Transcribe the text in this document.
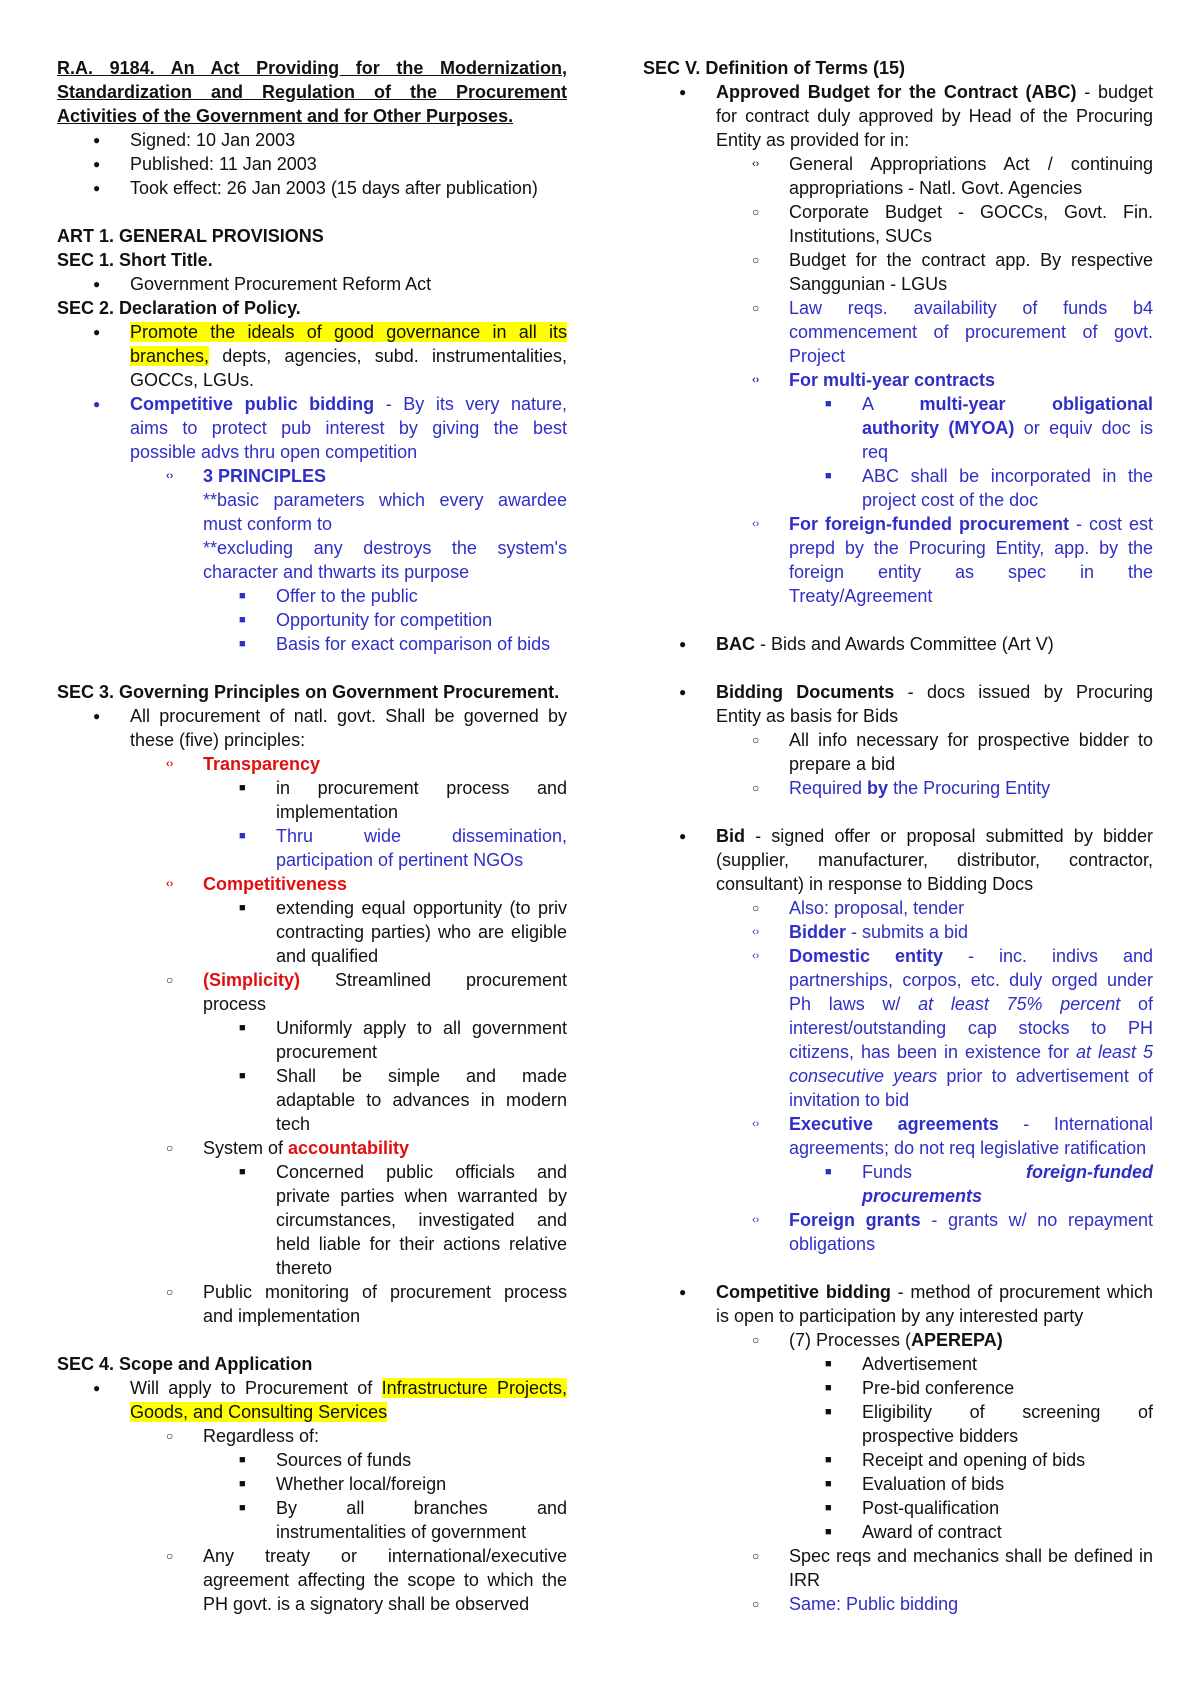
R.A. 9184. An Act Providing for the Modernization,
Standardization and Regulation of the Procurement
Activities of the Government and for Other Purposes.
●	Signed: 10 Jan 2003
●	Published: 11 Jan 2003
●	Took effect: 26 Jan 2003 (15 days after publication)
ART 1. GENERAL PROVISIONS
SEC 1. Short Title.
●	Government Procurement Reform Act
SEC 2. Declaration of Policy.
●	Promote the ideals of good governance in all its
branches, depts, agencies, subd. instrumentalities,
GOCCs, LGUs.
●	Competitive public bidding - By its very nature,
aims to protect pub interest by giving the best
possible advs thru open competition
‹›	3 PRINCIPLES
**basic parameters which every awardee
must conform to
**excluding any destroys the system's
character and thwarts its purpose
■	Offer to the public
■	Opportunity for competition
■	Basis for exact comparison of bids
SEC 3. Governing Principles on Government Procurement.
●	All procurement of natl. govt. Shall be governed by
these (five) principles:
‹›	Transparency
■	in procurement process and
implementation
■	Thru wide dissemination,
participation of pertinent NGOs
‹›	Competitiveness
■	extending equal opportunity (to priv
contracting parties) who are eligible
and qualified
○	(Simplicity) Streamlined procurement
process
■	Uniformly apply to all government
procurement
■	Shall be simple and made
adaptable to advances in modern
tech
○	System of accountability
■	Concerned public officials and
private parties when warranted by
circumstances, investigated and
held liable for their actions relative
thereto
○	Public monitoring of procurement process
and implementation
SEC 4. Scope and Application
●	Will apply to Procurement of Infrastructure Projects,
Goods, and Consulting Services
○	Regardless of:
■	Sources of funds
■	Whether local/foreign
■	By all branches and
instrumentalities of government
○	Any treaty or international/executive
agreement affecting the scope to which the
PH govt. is a signatory shall be observed
SEC V. Definition of Terms (15)
●	Approved Budget for the Contract (ABC) - budget
for contract duly approved by Head of the Procuring
Entity as provided for in:
‹›	General Appropriations Act / continuing
appropriations - Natl. Govt. Agencies
○	Corporate Budget - GOCCs, Govt. Fin.
Institutions, SUCs
○	Budget for the contract app. By respective
Sanggunian - LGUs
○	Law reqs. availability of funds b4
commencement of procurement of govt.
Project
‹›	For multi-year contracts
■	A multi-year obligational
authority (MYOA) or equiv doc is
req
■	ABC shall be incorporated in the
project cost of the doc
‹›	For foreign-funded procurement - cost est
prepd by the Procuring Entity, app. by the
foreign entity as spec in the
Treaty/Agreement
●	BAC - Bids and Awards Committee (Art V)
●	Bidding Documents - docs issued by Procuring
Entity as basis for Bids
○	All info necessary for prospective bidder to
prepare a bid
○	Required by the Procuring Entity
●	Bid - signed offer or proposal submitted by bidder
(supplier, manufacturer, distributor, contractor,
consultant) in response to Bidding Docs
○	Also: proposal, tender
‹›	Bidder - submits a bid
‹›	Domestic entity - inc. indivs and
partnerships, corpos, etc. duly orged under
Ph laws w/ at least 75% percent of
interest/outstanding cap stocks to PH
citizens, has been in existence for at least 5
consecutive years prior to advertisement of
invitation to bid
‹›	Executive agreements - International
agreements; do not req legislative ratification
■	Funds	foreign-funded
procurements
‹›	Foreign grants - grants w/ no repayment
obligations
●	Competitive bidding - method of procurement which
is open to participation by any interested party
○	(7) Processes (APEREPA)
■	Advertisement
■	Pre-bid conference
■	Eligibility of screening of
prospective bidders
■	Receipt and opening of bids
■	Evaluation of bids
■	Post-qualification
■	Award of contract
○	Spec reqs and mechanics shall be defined in
IRR
○	Same: Public bidding
